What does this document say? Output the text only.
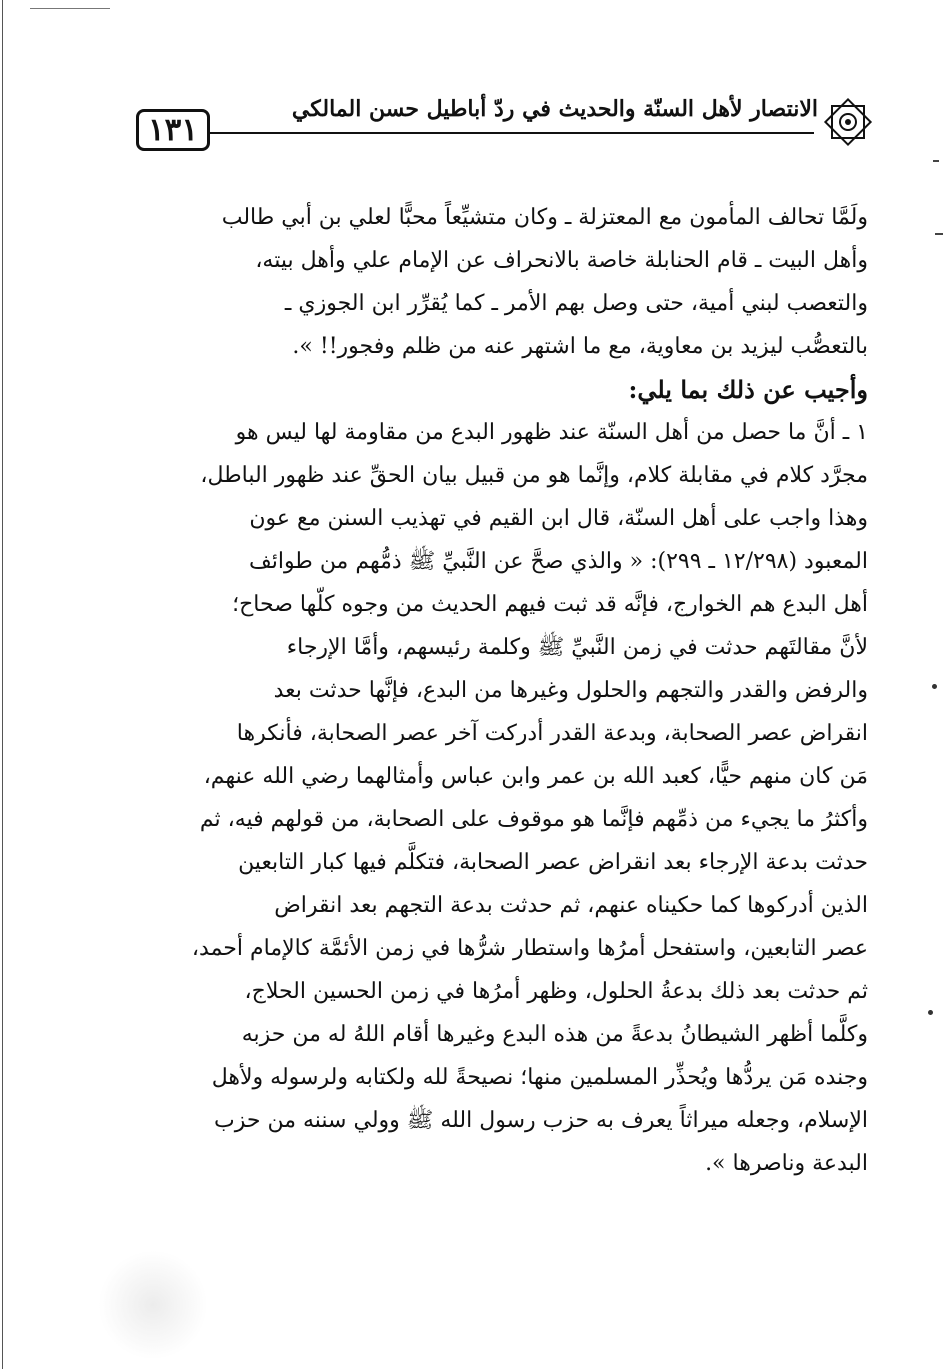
١٣١
الانتصار لأهل السنّة والحديث في ردّ أباطيل حسن المالكي
ولَمَّا تحالف المأمون مع المعتزلة ـ وكان متشيِّعاً محبًّا لعلي بن أبي طالب
وأهل البيت ـ قام الحنابلة خاصة بالانحراف عن الإمام علي وأهل بيته،
والتعصب لبني أمية، حتى وصل بهم الأمر ـ كما يُقرِّر ابن الجوزي ـ
بالتعصُّب ليزيد بن معاوية، مع ما اشتهر عنه من ظلم وفجور!! ».
وأجيب عن ذلك بما يلي:
١ ـ أنَّ ما حصل من أهل السنّة عند ظهور البدع من مقاومة لها ليس هو
مجرَّد كلام في مقابلة كلام، وإنَّما هو من قبيل بيان الحقِّ عند ظهور الباطل،
وهذا واجب على أهل السنّة، قال ابن القيم في تهذيب السنن مع عون
المعبود (١٢/٢٩٨ ـ ٢٩٩): « والذي صحَّ عن النَّبيِّ ﷺ ذمُّهم من طوائف
أهل البدع هم الخوارج، فإنَّه قد ثبت فيهم الحديث من وجوه كلّها صحاح؛
لأنَّ مقالتَهم حدثت في زمن النَّبيِّ ﷺ وكلمة رئيسهم، وأمَّا الإرجاء
والرفض والقدر والتجهم والحلول وغيرها من البدع، فإنَّها حدثت بعد
انقراض عصر الصحابة، وبدعة القدر أدركت آخر عصر الصحابة، فأنكرها
مَن كان منهم حيًّا، كعبد الله بن عمر وابن عباس وأمثالهما رضي الله عنهم،
وأكثرُ ما يجيء من ذمِّهم فإنَّما هو موقوف على الصحابة، من قولهم فيه، ثم
حدثت بدعة الإرجاء بعد انقراض عصر الصحابة، فتكلَّم فيها كبار التابعين
الذين أدركوها كما حكيناه عنهم، ثم حدثت بدعة التجهم بعد انقراض
عصر التابعين، واستفحل أمرُها واستطار شرُّها في زمن الأئمَّة كالإمام أحمد،
ثم حدثت بعد ذلك بدعةُ الحلول، وظهر أمرُها في زمن الحسين الحلاج،
وكلَّما أظهر الشيطانُ بدعةً من هذه البدع وغيرها أقام اللهُ له من حزبه
وجنده مَن يردُّها ويُحذِّر المسلمين منها؛ نصيحةً لله ولكتابه ولرسوله ولأهل
الإسلام، وجعله ميراثاً يعرف به حزب رسول الله ﷺ وولي سننه من حزب
البدعة وناصرها ».
